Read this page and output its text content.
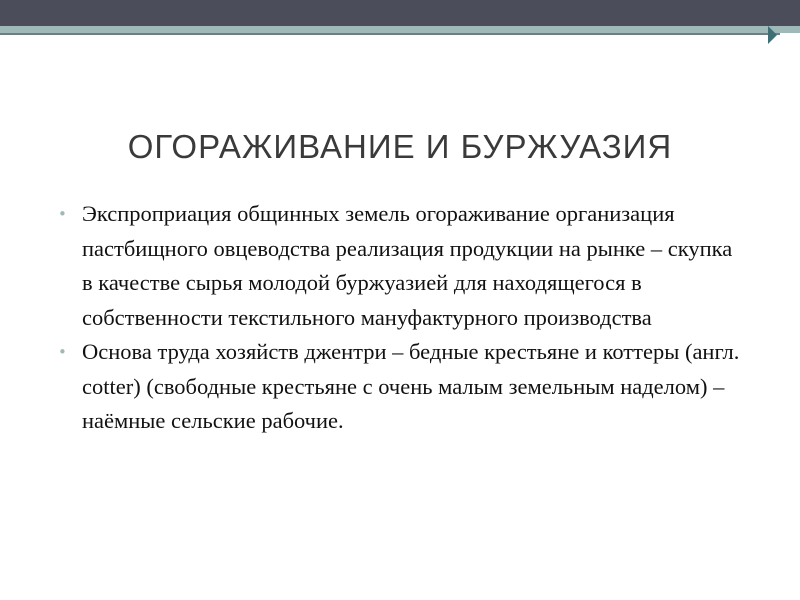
ОГОРАЖИВАНИЕ И БУРЖУАЗИЯ
• Экспроприация общинных земель огораживание организация пастбищного овцеводства реализация продукции на рынке – скупка в качестве сырья молодой буржуазией для находящегося в собственности текстильного мануфактурного производства
• Основа труда хозяйств джентри – бедные крестьяне и коттеры (англ. cotter) (свободные крестьяне с очень малым земельным наделом) – наёмные сельские рабочие.
